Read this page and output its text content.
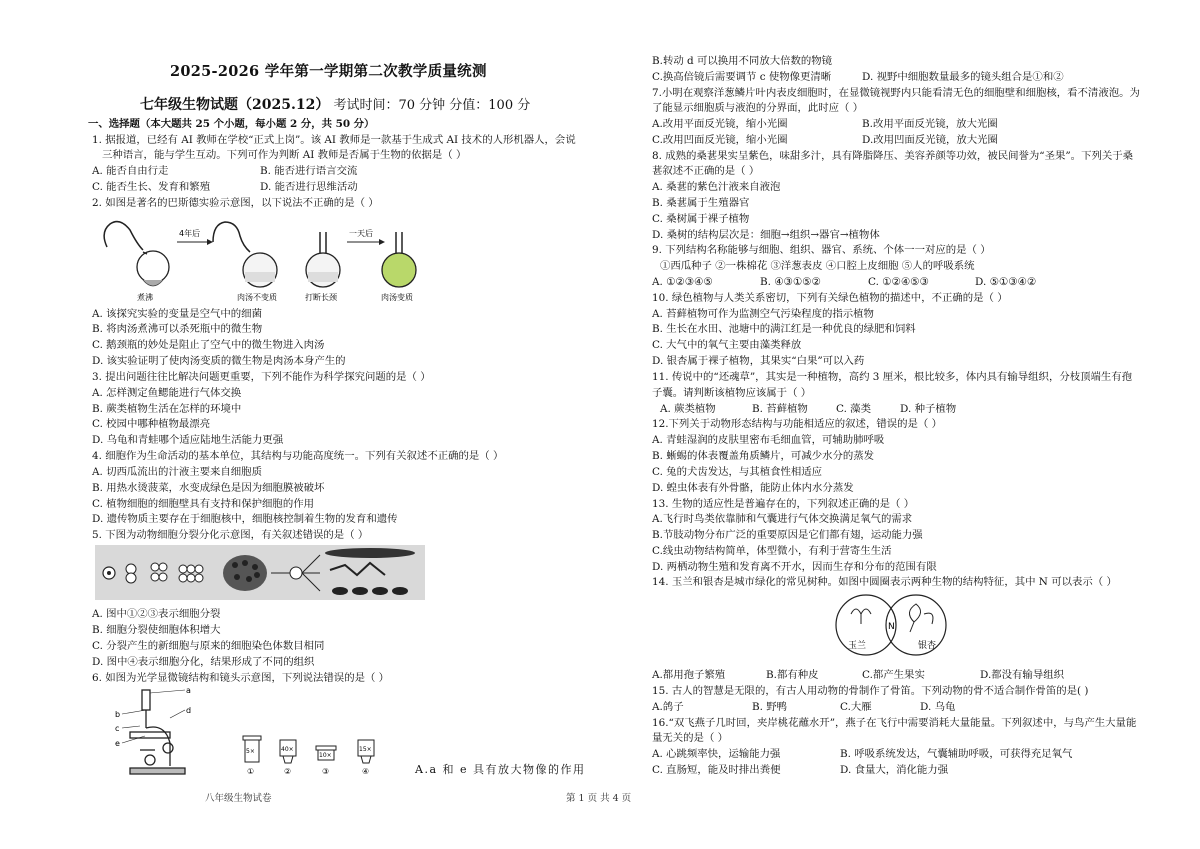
2025-2026 学年第一学期第二次教学质量统测
七年级生物试题（2025.12） 考试时间：70 分钟 分值：100 分
一、选择题（本大题共 25 个小题，每小题 2 分，共 50 分）
1. 据报道，已经有 AI 教师在学校“正式上岗”。该 AI 教师是一款基于生成式 AI 技术的人形机器人，会说
三种语言，能与学生互动。下列可作为判断 AI 教师是否属于生物的依据是（ ）
A. 能否自由行走	B. 能否进行语言交流
C. 能否生长、发育和繁殖	D. 能否进行思维活动
2. 如图是著名的巴斯德实验示意图，以下说法不正确的是（ ）
4年后	一天后
煮沸	肉汤不变质	打断长颈	肉汤变质
A. 该探究实验的变量是空气中的细菌
B. 将肉汤煮沸可以杀死瓶中的微生物
C. 鹅颈瓶的妙处是阻止了空气中的微生物进入肉汤
D. 该实验证明了使肉汤变质的微生物是肉汤本身产生的
3. 提出问题往往比解决问题更重要，下列不能作为科学探究问题的是（ ）
A. 怎样测定鱼鳃能进行气体交换
B. 蕨类植物生活在怎样的环境中
C. 校园中哪种植物最漂亮
D. 乌龟和青蛙哪个适应陆地生活能力更强
4. 细胞作为生命活动的基本单位，其结构与功能高度统一。下列有关叙述不正确的是（ ）
A. 切西瓜流出的汁液主要来自细胞质
B. 用热水烫菠菜，水变成绿色是因为细胞膜被破坏
C. 植物细胞的细胞壁具有支持和保护细胞的作用
D. 遗传物质主要存在于细胞核中，细胞核控制着生物的发育和遗传
5. 下图为动物细胞分裂分化示意图，有关叙述错误的是（ ）
A. 图中①②③表示细胞分裂
B. 细胞分裂使细胞体积增大
C. 分裂产生的新细胞与原来的细胞染色体数目相同
D. 图中④表示细胞分化，结果形成了不同的组织
6. 如图为光学显微镜结构和镜头示意图，下列说法错误的是（ ）
a
b
c
d
e
5×
①
40×
②
10×
③
15×
④	A.a 和 e 具有放大物像的作用
B.转动 d 可以换用不同放大倍数的物镜
C.换高倍镜后需要调节 c 使物像更清晰	D. 视野中细胞数量最多的镜头组合是①和②
7.小明在观察洋葱鳞片叶内表皮细胞时，在显微镜视野内只能看清无色的细胞壁和细胞核，看不清液泡。为
了能显示细胞质与液泡的分界面，此时应（ ）
A.改用平面反光镜，缩小光圈	B.改用平面反光镜，放大光圈
C.改用凹面反光镜，缩小光圈	D.改用凹面反光镜，放大光圈
8. 成熟的桑葚果实呈紫色，味甜多汁，具有降脂降压、美容养颜等功效，被民间誉为“圣果”。下列关于桑
葚叙述不正确的是（ ）
A. 桑葚的紫色汁液来自液泡
B. 桑葚属于生殖器官
C. 桑树属于裸子植物
D. 桑树的结构层次是：细胞→组织→器官→植物体
9. 下列结构名称能够与细胞、组织、器官、系统、个体一一对应的是（ ）
①西瓜种子 ②一株棉花 ③洋葱表皮 ④口腔上皮细胞 ⑤人的呼吸系统
A. ①②③④⑤	B. ④③①⑤②	C. ①②④⑤③	D. ⑤①③④②
10. 绿色植物与人类关系密切，下列有关绿色植物的描述中，不正确的是（ ）
A. 苔藓植物可作为监测空气污染程度的指示植物
B. 生长在水田、池塘中的满江红是一种优良的绿肥和饲料
C. 大气中的氧气主要由藻类释放
D. 银杏属于裸子植物，其果实“白果”可以入药
11. 传说中的“还魂草”，其实是一种植物，高约 3 厘米，根比较多，体内具有输导组织，分枝顶端生有孢
子囊。请判断该植物应该属于（ ）
A. 蕨类植物	B. 苔藓植物	C. 藻类	D. 种子植物
12.下列关于动物形态结构与功能相适应的叙述，错误的是（ ）
A. 青蛙湿润的皮肤里密布毛细血管，可辅助肺呼吸
B. 蜥蜴的体表覆盖角质鳞片，可减少水分的蒸发
C. 兔的犬齿发达，与其植食性相适应
D. 蝗虫体表有外骨骼，能防止体内水分蒸发
13. 生物的适应性是普遍存在的，下列叙述正确的是（ ）
A.飞行时鸟类依靠肺和气囊进行气体交换满足氧气的需求
B.节肢动物分布广泛的重要原因是它们都有翅，运动能力强
C.线虫动物结构简单，体型微小，有利于营寄生生活
D. 两栖动物生殖和发育离不开水，因而生存和分布的范围有限
14. 玉兰和银杏是城市绿化的常见树种。如图中圆圈表示两种生物的结构特征，其中 N 可以表示（ ）
玉兰
N
银杏
A.都用孢子繁殖	B.都有种皮	C.都产生果实	D.都没有输导组织
15. 古人的智慧是无限的，有古人用动物的骨制作了骨笛。下列动物的骨不适合制作骨笛的是( )
A.鸽子	B. 野鸭	C.大雁	D. 乌龟
16.“双飞燕子几时回，夹岸桃花蘸水开”，燕子在飞行中需要消耗大量能量。下列叙述中，与鸟产生大量能
量无关的是（ ）
A. 心跳频率快，运输能力强	B. 呼吸系统发达，气囊辅助呼吸，可获得充足氧气
C. 直肠短，能及时排出粪便	D. 食量大，消化能力强
八年级生物试卷	第 1 页 共 4 页
